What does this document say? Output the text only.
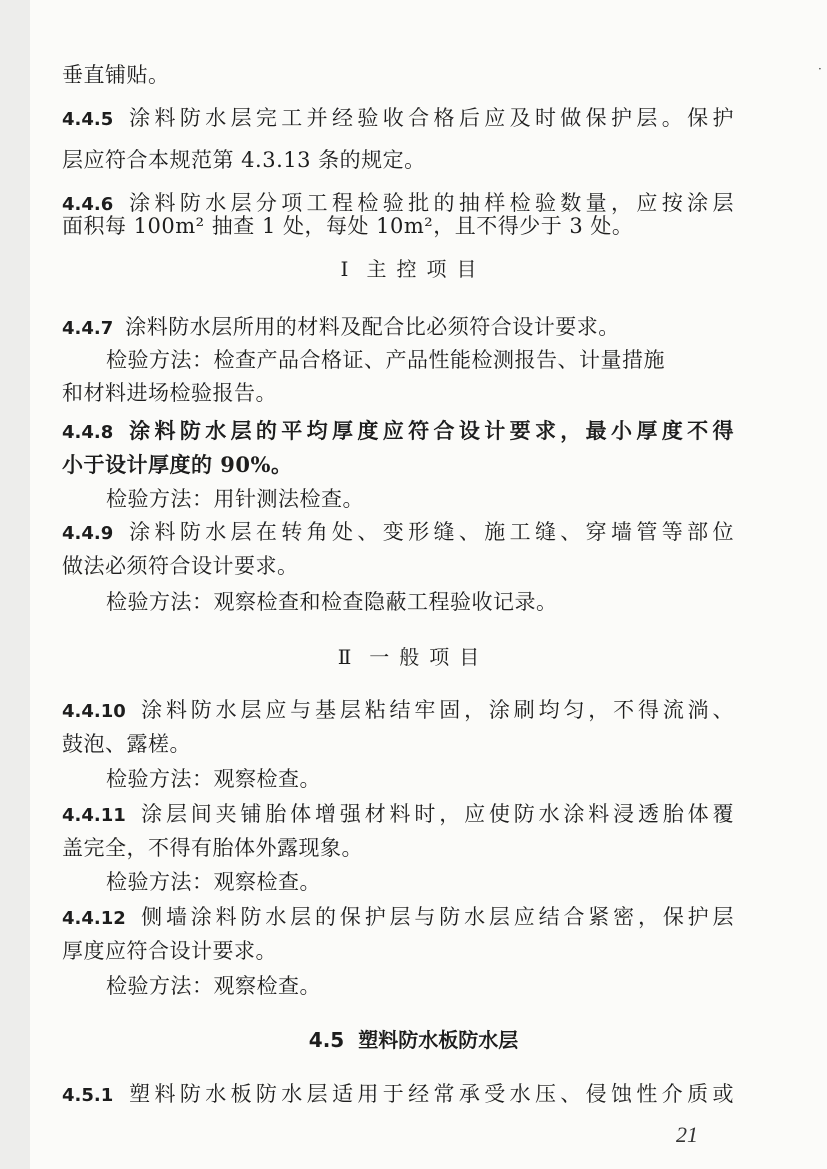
·
垂直铺贴。
4.4.5 涂料防水层完工并经验收合格后应及时做保护层。保护
层应符合本规范第 4.3.13 条的规定。
4.4.6 涂料防水层分项工程检验批的抽样检验数量，应按涂层
面积每 100m² 抽查 1 处，每处 10m²，且不得少于 3 处。
Ⅰ 主控项目
4.4.7 涂料防水层所用的材料及配合比必须符合设计要求。
检验方法：检查产品合格证、产品性能检测报告、计量措施
和材料进场检验报告。
4.4.8 涂料防水层的平均厚度应符合设计要求，最小厚度不得
小于设计厚度的 90%。
检验方法：用针测法检查。
4.4.9 涂料防水层在转角处、变形缝、施工缝、穿墙管等部位
做法必须符合设计要求。
检验方法：观察检查和检查隐蔽工程验收记录。
Ⅱ 一般项目
4.4.10 涂料防水层应与基层粘结牢固，涂刷均匀，不得流淌、
鼓泡、露槎。
检验方法：观察检查。
4.4.11 涂层间夹铺胎体增强材料时，应使防水涂料浸透胎体覆
盖完全，不得有胎体外露现象。
检验方法：观察检查。
4.4.12 侧墙涂料防水层的保护层与防水层应结合紧密，保护层
厚度应符合设计要求。
检验方法：观察检查。
4.5 塑料防水板防水层
4.5.1 塑料防水板防水层适用于经常承受水压、侵蚀性介质或
21
